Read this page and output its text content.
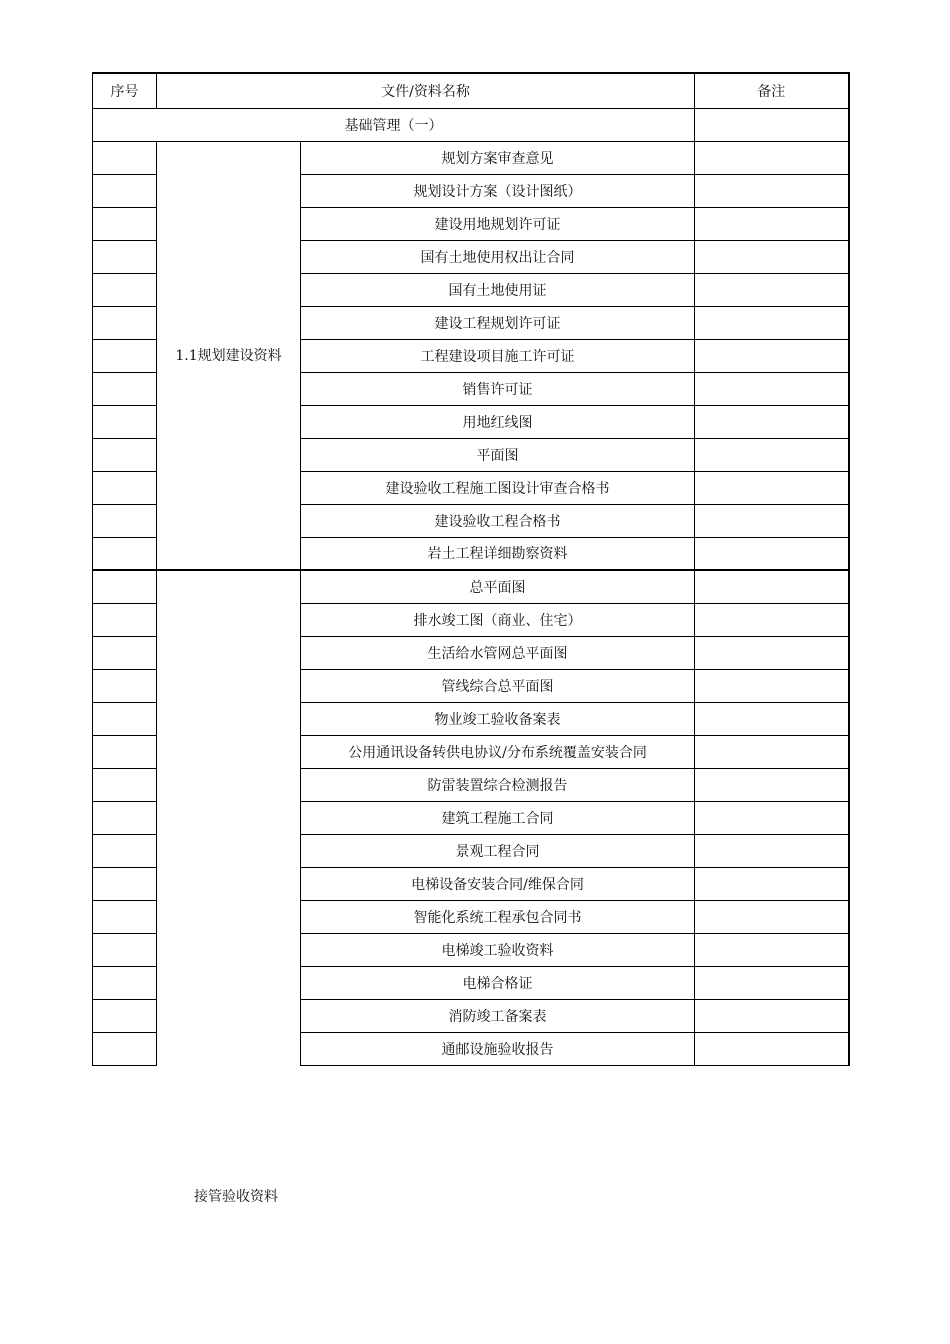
序号	文件/资料名称		备注
基础管理（一）			
	1.1规划建设资料	规划方案审查意见	
		规划设计方案（设计图纸）	
		建设用地规划许可证	
		国有土地使用权出让合同	
		国有土地使用证	
		建设工程规划许可证	
		工程建设项目施工许可证	
		销售许可证	
		用地红线图	
		平面图	
		建设验收工程施工图设计审查合格书	
		建设验收工程合格书	
		岩土工程详细勘察资料	
		总平面图	
		排水竣工图（商业、住宅）	
		生活给水管网总平面图	
		管线综合总平面图	
		物业竣工验收备案表	
		公用通讯设备转供电协议/分布系统覆盖安装合同	
		防雷装置综合检测报告	
		建筑工程施工合同	
		景观工程合同	
		电梯设备安装合同/维保合同	
		智能化系统工程承包合同书	
		电梯竣工验收资料	
		电梯合格证	
		消防竣工备案表	
		通邮设施验收报告	
接管验收资料
